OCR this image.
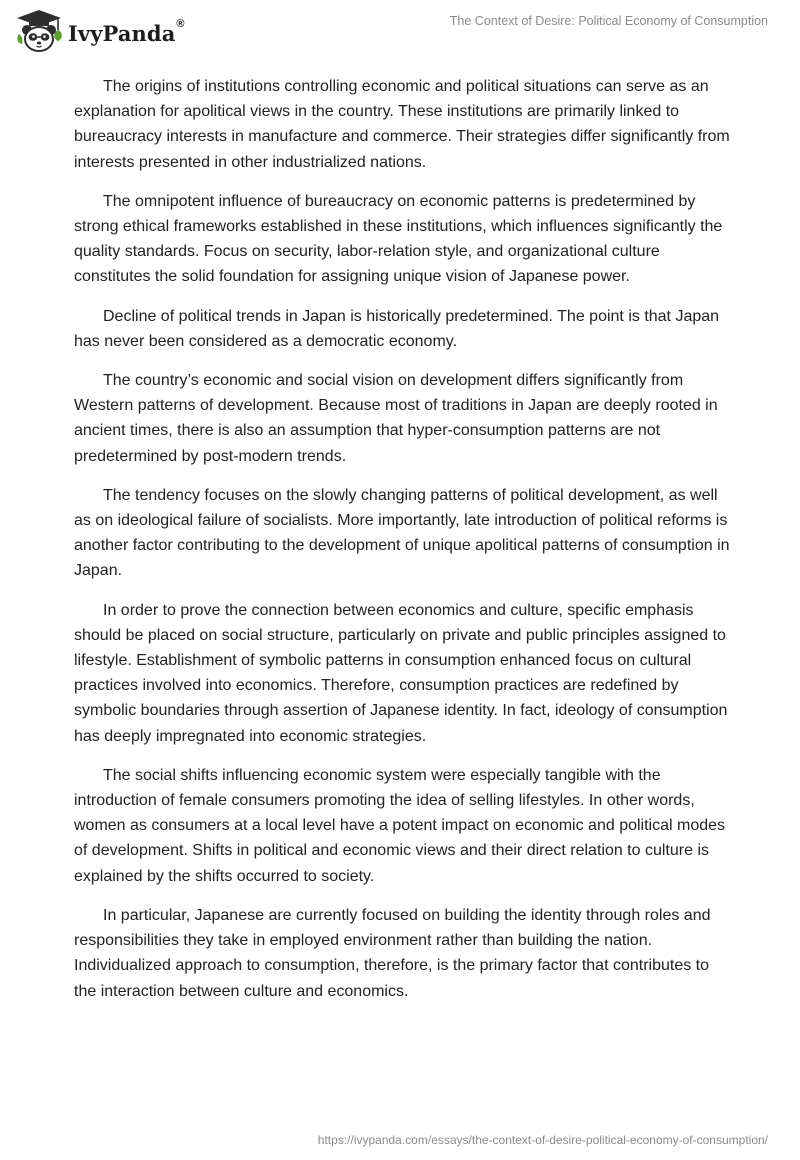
IvyPanda®	The Context of Desire: Political Economy of Consumption

The origins of institutions controlling economic and political situations can serve as an explanation for apolitical views in the country. These institutions are primarily linked to bureaucracy interests in manufacture and commerce. Their strategies differ significantly from interests presented in other industrialized nations.

The omnipotent influence of bureaucracy on economic patterns is predetermined by strong ethical frameworks established in these institutions, which influences significantly the quality standards. Focus on security, labor-relation style, and organizational culture constitutes the solid foundation for assigning unique vision of Japanese power.

Decline of political trends in Japan is historically predetermined. The point is that Japan has never been considered as a democratic economy.

The country’s economic and social vision on development differs significantly from Western patterns of development. Because most of traditions in Japan are deeply rooted in ancient times, there is also an assumption that hyper-consumption patterns are not predetermined by post-modern trends.

The tendency focuses on the slowly changing patterns of political development, as well as on ideological failure of socialists. More importantly, late introduction of political reforms is another factor contributing to the development of unique apolitical patterns of consumption in Japan.

In order to prove the connection between economics and culture, specific emphasis should be placed on social structure, particularly on private and public principles assigned to lifestyle. Establishment of symbolic patterns in consumption enhanced focus on cultural practices involved into economics. Therefore, consumption practices are redefined by symbolic boundaries through assertion of Japanese identity. In fact, ideology of consumption has deeply impregnated into economic strategies.

The social shifts influencing economic system were especially tangible with the introduction of female consumers promoting the idea of selling lifestyles. In other words, women as consumers at a local level have a potent impact on economic and political modes of development. Shifts in political and economic views and their direct relation to culture is explained by the shifts occurred to society.

In particular, Japanese are currently focused on building the identity through roles and responsibilities they take in employed environment rather than building the nation. Individualized approach to consumption, therefore, is the primary factor that contributes to the interaction between culture and economics.

https://ivypanda.com/essays/the-context-of-desire-political-economy-of-consumption/
